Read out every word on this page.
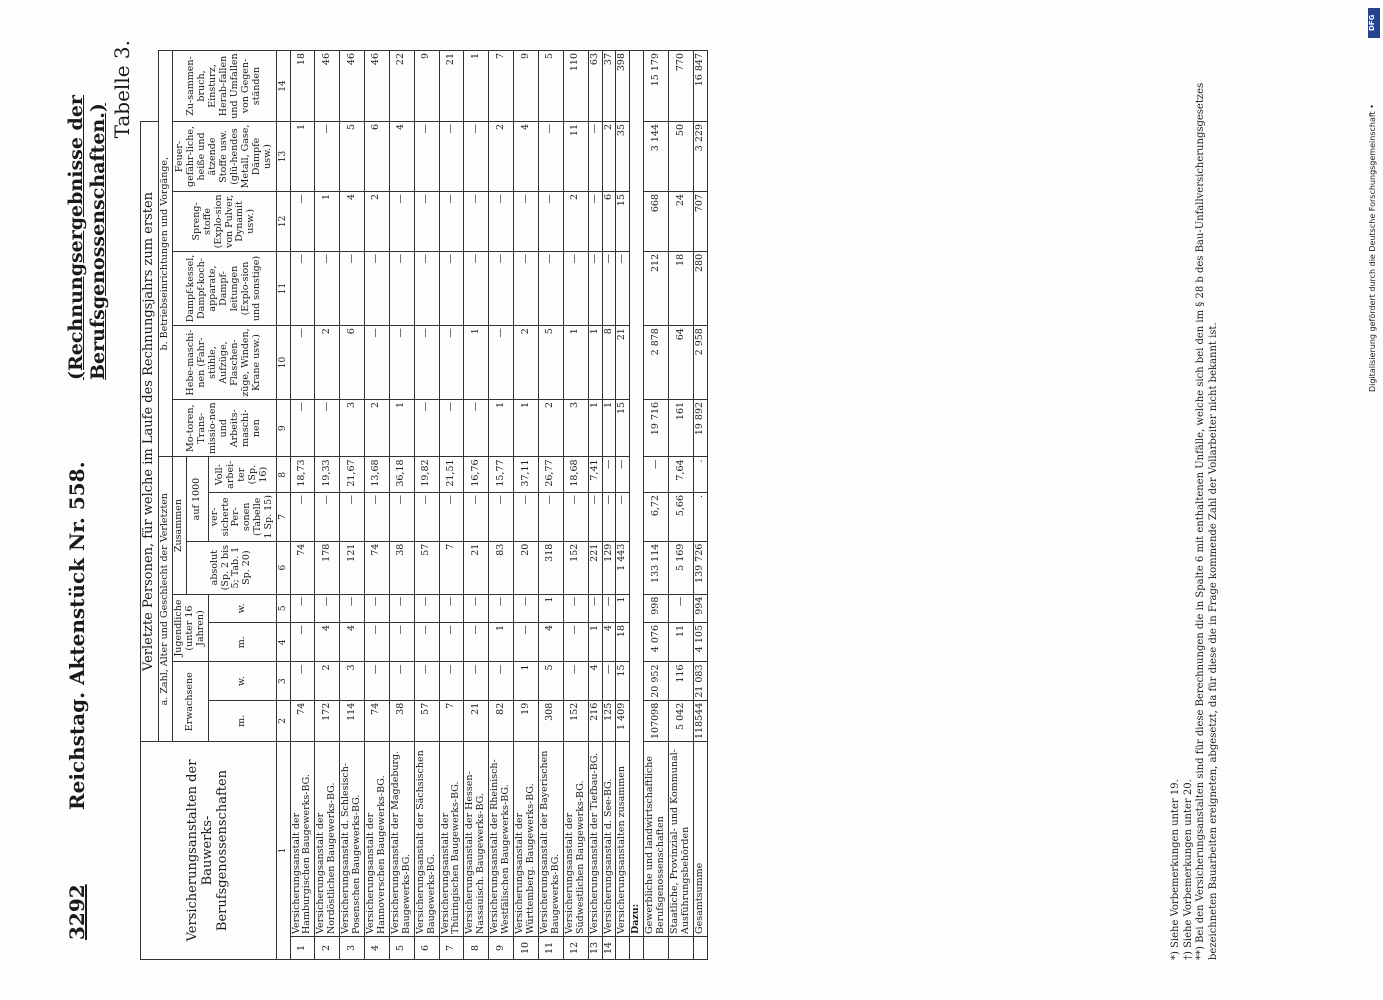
3292
Reichstag. Aktenstück Nr. 558.
(Rechnungsergebnisse der Berufsgenossenschaften.)
Tabelle 3.
Versicherungsanstalten der Bauwerks-Berufsgenossenschaften		Verletzte Personen, für welche im Laufe des Rechnungsjahrs zum ersten												
		a. Zahl, Alter und Geschlecht der Verletzten							b. Betriebseinrichtungen und Vorgänge,					
		Erwachsene		Jugendliche (unter 16 Jahren)		Zusammen			Mo-toren, Trans-missio-nen und Arbeits-maschi-nen	Hebe-maschi-nen (Fahr-stühle, Aufzüge, Flaschen-züge, Winden, Krane usw.)	Dampf-kessel, Dampf-koch-apparate, Dampf-leitungen (Explo-sion und sonstige)	Spreng-stoffe (Explo-sion von Pulver, Dynamit usw.)	Feuer-gefähr-liche, heiße und ätzende Stoffe usw. (glü-hendes Metall, Gase, Dämpfe usw.)	Zu-sammen-bruch, Einsturz, Herab-fallen und Umfallen von Gegen-ständen
						absolut (Sp. 2 bis 5; Tab. 1 Sp. 20)	auf 1000							
		m.	w.	m.	w.		ver-sicherte Per-sonen
(Tabelle 1 Sp. 15)	Voll-arbei-ter
(Sp. 16)						
1		2	3	4	5	6	7	8	9	10	11	12	13	14
1	Versicherungsanstalt der Hamburgischen Baugewerks-BG.	74	—	—	—	74	—	18,73	—	—	—	—	1	18
2	Versicherungsanstalt der Nordöstlichen Baugewerks-BG.	172	2	4	—	178	—	19,33	—	2	—	1	—	46
3	Versicherungsanstalt d. Schlesisch-Posenschen Baugewerks-BG.	114	3	4	—	121	—	21,67	3	6	—	4	5	46
4	Versicherungsanstalt der Hannoverschen Baugewerks-BG.	74	—	—	—	74	—	13,68	2	—	—	2	6	46
5	Versicherungsanstalt der Magdeburg. Baugewerks-BG.	38	—	—	—	38	—	36,18	1	—	—	—	4	22
6	Versicherungsanstalt der Sächsischen Baugewerks-BG.	57	—	—	—	57	—	19,82	—	—	—	—	—	9
7	Versicherungsanstalt der Thüringischen Baugewerks-BG.	7	—	—	—	7	—	21,51	—	—	—	—	—	21
8	Versicherungsanstalt der Hessen-Nassauisch. Baugewerks-BG.	21	—	—	—	21	—	16,76	—	1	—	—	—	1
9	Versicherungsanstalt der Rheinisch-Westfälischen Baugewerks-BG.	82	—	1	—	83	—	15,77	1	—	—	—	2	7
10	Versicherungsanstalt der Württemberg. Baugewerks-BG.	19	1	—	—	20	—	37,11	1	2	—	—	4	9
11	Versicherungsanstalt der Bayerischen Baugewerks-BG.	308	5	4	1	318	—	26,77	2	5	—	—	—	5
12	Versicherungsanstalt der Südwestlichen Baugewerks-BG.	152	—	—	—	152	—	18,68	3	1	—	2	11	110
13	Versicherungsanstalt der Tiefbau-BG.	216	4	1	—	221	—	7,41	1	1	—	—	—	63
14	Versicherungsanstalt d. See-BG.	125	—	4	—	129	—	—	1	8	—	6	2	37
	Versicherungsanstalten zusammen	1 409	15	18	1	1 443	—	—	15	21	—	15	35	398
	Dazu:													
	Gewerbliche und landwirtschaftliche Berufsgenossenschaften	107098	20 952	4 076	998	133 114	6,72	—	19 716	2 878	212	668	3 144	15 179
	Staatliche, Provinzial- und Kommunal-Ausführungsbehörden	5 042	116	11	—	5 169	5,66	7,64	161	64	18	24	50	770
	Gesamtsumme	118544	21 083	4 105	994	139 726	.	.	19 892	2 958	280	707	3 229	16 847

*) Siehe Vorbemerkungen unter 19. †) Siehe Vorbemerkungen unter 20. **) Bei den Versicherungsanstalten sind für diese Berechnungen die in Spalte 6 mit enthaltenen Unfälle, welche sich bei den im § 28 b des Bau-Unfallversicherungsgesetzes bezeichneten Bauarbeiten ereigneten, abgesetzt, da für diese die in Frage kommende Zahl der Vollarbeiter nicht bekannt ist.

DFG
Digitalisierung gefördert durch die Deutsche Forschungsgemeinschaft •
